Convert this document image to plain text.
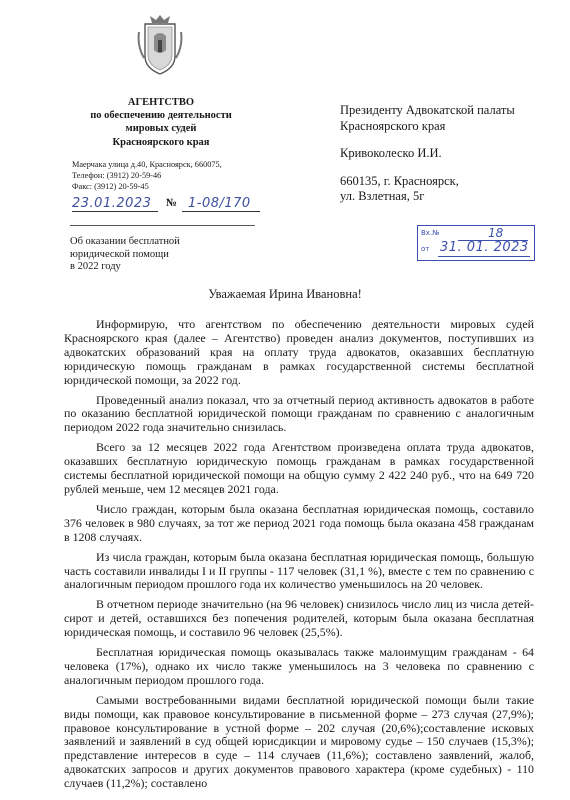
АГЕНТСТВО
по обеспечению деятельности
мировых судей
Красноярского края
Маерчака улица д.40, Красноярск, 660075,
Телефон: (3912) 20-59-46
Факс: (3912) 20-59-45
23.01.2023 № 1-08/170
Об оказании бесплатной
юридической помощи
в 2022 году

Президенту Адвокатской палаты
Красноярского края

Кривоколеско И.И.

660135, г. Красноярск,
ул. Взлетная, 5г

Вх.№	18
от 31. 01. 2023
Уважаемая Ирина Ивановна!

Информирую, что агентством по обеспечению деятельности мировых судей Красноярского края (далее – Агентство) проведен анализ документов, поступивших из адвокатских образований края на оплату труда адвокатов, оказавших бесплатную юридическую помощь гражданам в рамках государственной системы бесплатной юридической помощи, за 2022 год.

Проведенный анализ показал, что за отчетный период активность адвокатов в работе по оказанию бесплатной юридической помощи гражданам по сравнению с аналогичным периодом 2022 года значительно снизилась.

Всего за 12 месяцев 2022 года Агентством произведена оплата труда адвокатов, оказавших бесплатную юридическую помощь гражданам в рамках государственной системы бесплатной юридической помощи на общую сумму 2 422 240 руб., что на 649 720 рублей меньше, чем 12 месяцев 2021 года.

Число граждан, которым была оказана бесплатная юридическая помощь, составило 376 человек в 980 случаях, за тот же период 2021 года помощь была оказана 458 гражданам в 1208 случаях.

Из числа граждан, которым была оказана бесплатная юридическая помощь, большую часть составили инвалиды I и II группы - 117 человек (31,1 %), вместе с тем по сравнению с аналогичным периодом прошлого года их количество уменьшилось на 20 человек.

В отчетном периоде значительно (на 96 человек) снизилось число лиц из числа детей-сирот и детей, оставшихся без попечения родителей, которым была оказана бесплатная юридическая помощь, и составило 96 человек (25,5%).

Бесплатная юридическая помощь оказывалась также малоимущим гражданам - 64 человека (17%), однако их число также уменьшилось на 3 человека по сравнению с аналогичным периодом прошлого года.

Самыми востребованными видами бесплатной юридической помощи были такие виды помощи, как правовое консультирование в письменной форме – 273 случая (27,9%); правовое консультирование в устной форме – 202 случая (20,6%);составление исковых заявлений и заявлений в суд общей юрисдикции и мировому судье – 150 случаев (15,3%); представление интересов в суде – 114 случаев (11,6%); составлено заявлений, жалоб, адвокатских запросов и других документов правового характера (кроме судебных) - 110 случаев (11,2%); составлено
